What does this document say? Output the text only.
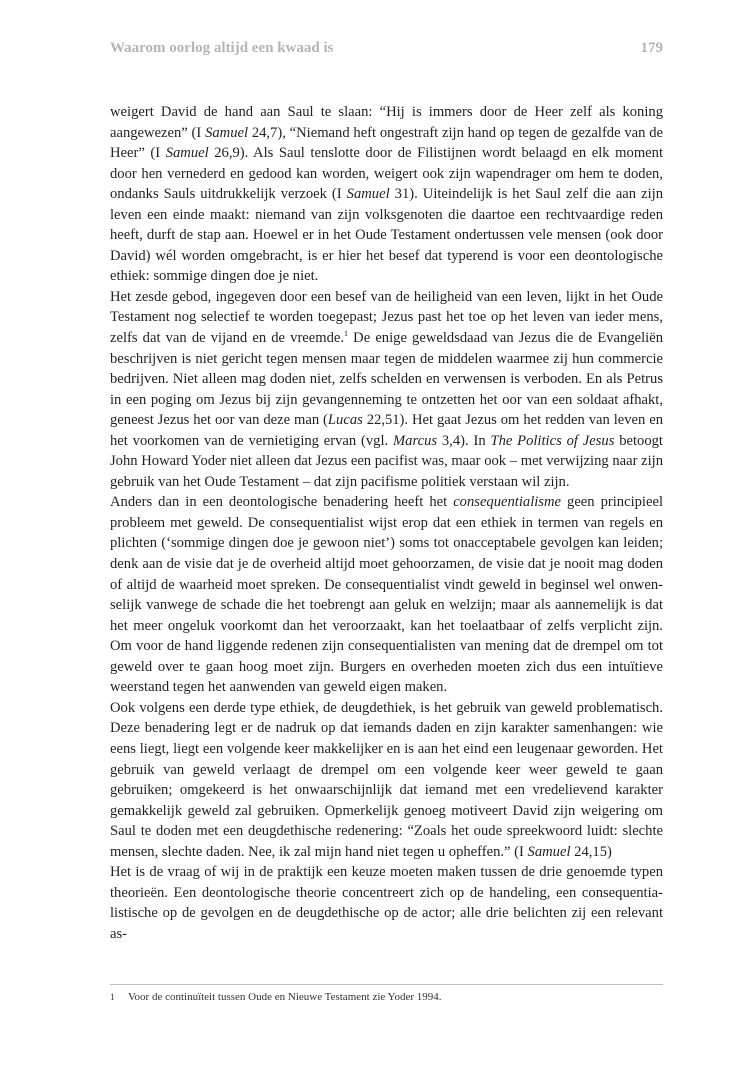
Waarom oorlog altijd een kwaad is	179

weigert David de hand aan Saul te slaan: “Hij is immers door de Heer zelf als koning aangewezen” (I Samuel 24,7), “Niemand heft ongestraft zijn hand op tegen de gezalfde van de Heer” (I Samuel 26,9). Als Saul tenslotte door de Filistijnen wordt belaagd en elk moment door hen vernederd en gedood kan worden, weigert ook zijn wapendrager om hem te doden, ondanks Sauls uitdrukkelijk verzoek (I Samuel 31). Uiteindelijk is het Saul zelf die aan zijn leven een einde maakt: niemand van zijn volksgenoten die daartoe een rechtvaardige reden heeft, durft de stap aan. Hoewel er in het Oude Testament ondertussen vele mensen (ook door David) wél worden omgebracht, is er hier het besef dat typerend is voor een deontologische ethiek: sommige dingen doe je niet.

Het zesde gebod, ingegeven door een besef van de heiligheid van een leven, lijkt in het Oude Testament nog selectief te worden toegepast; Jezus past het toe op het leven van ieder mens, zelfs dat van de vijand en de vreemde.$^1$ De enige geweldsdaad van Jezus die de Evangeliën beschrijven is niet gericht tegen mensen maar tegen de middelen waarmee zij hun commercie bedrijven. Niet alleen mag doden niet, zelfs schelden en verwensen is verboden. En als Petrus in een poging om Jezus bij zijn gevangenneming te ontzetten het oor van een soldaat afhakt, geneest Jezus het oor van deze man (Lucas 22,51). Het gaat Jezus om het redden van leven en het voorkomen van de vernietiging ervan (vgl. Marcus 3,4). In The Politics of Jesus betoogt John Howard Yoder niet alleen dat Jezus een pacifist was, maar ook – met verwijzing naar zijn gebruik van het Oude Testament – dat zijn pacifisme politiek verstaan wil zijn.

Anders dan in een deontologische benadering heeft het consequentialisme geen principieel probleem met geweld. De consequentialist wijst erop dat een ethiek in termen van regels en plichten (‘sommige dingen doe je gewoon niet’) soms tot onacceptabele gevolgen kan leiden; denk aan de visie dat je de overheid altijd moet gehoorzamen, de visie dat je nooit mag doden of altijd de waarheid moet spreken. De consequentialist vindt geweld in beginsel wel onwenselijk vanwege de schade die het toebrengt aan geluk en welzijn; maar als aannemelijk is dat het meer ongeluk voorkomt dan het veroorzaakt, kan het toelaatbaar of zelfs verplicht zijn. Om voor de hand liggende redenen zijn consequentialisten van mening dat de drempel om tot geweld over te gaan hoog moet zijn. Burgers en overheden moeten zich dus een intuïtieve weerstand tegen het aanwenden van geweld eigen maken.

Ook volgens een derde type ethiek, de deugdethiek, is het gebruik van geweld problematisch. Deze benadering legt er de nadruk op dat iemands daden en zijn karakter samenhangen: wie eens liegt, liegt een volgende keer makkelijker en is aan het eind een leugenaar geworden. Het gebruik van geweld verlaagt de drempel om een volgende keer weer geweld te gaan gebruiken; omgekeerd is het onwaarschijnlijk dat iemand met een vredelievend karakter gemakkelijk geweld zal gebruiken. Opmerkelijk genoeg motiveert David zijn weigering om Saul te doden met een deugdethische redenering: “Zoals het oude spreekwoord luidt: slechte mensen, slechte daden. Nee, ik zal mijn hand niet tegen u opheffen.” (I Samuel 24,15)

Het is de vraag of wij in de praktijk een keuze moeten maken tussen de drie genoemde typen theorieën. Een deontologische theorie concentreert zich op de handeling, een consequentialistische op de gevolgen en de deugdethische op de actor; alle drie belichten zij een relevant as-

1 Voor de continuïteit tussen Oude en Nieuwe Testament zie Yoder 1994.
